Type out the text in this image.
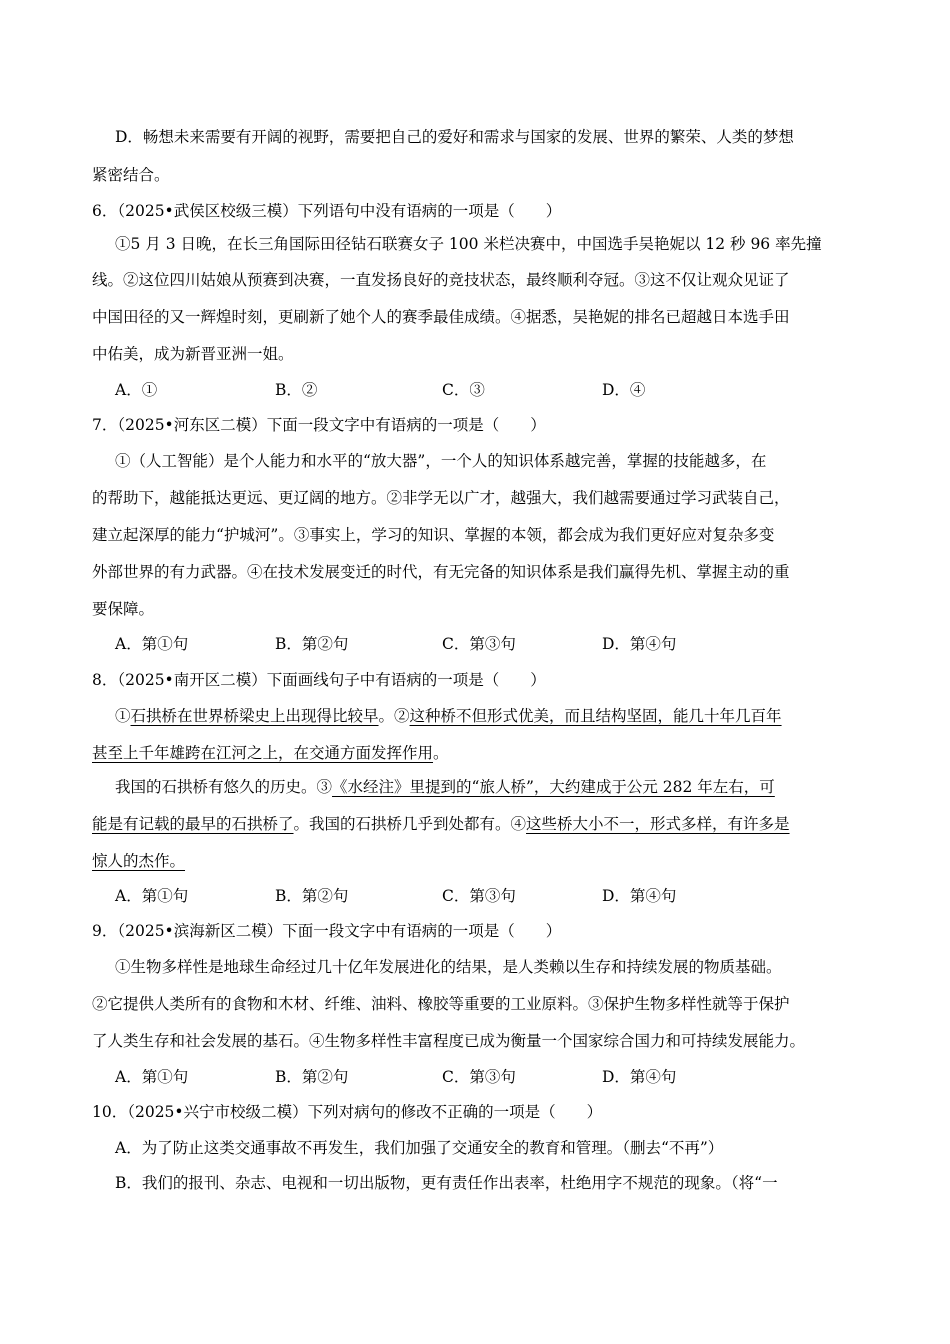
D．畅想未来需要有开阔的视野，需要把自己的爱好和需求与国家的发展、世界的繁荣、人类的梦想
紧密结合。
6．（2025•武侯区校级三模）下列语句中没有语病的一项是（　　）
①5 月 3 日晚，在长三角国际田径钻石联赛女子 100 米栏决赛中，中国选手吴艳妮以 12 秒 96 率先撞
线。②这位四川姑娘从预赛到决赛，一直发扬良好的竞技状态，最终顺利夺冠。③这不仅让观众见证了
中国田径的又一辉煌时刻，更刷新了她个人的赛季最佳成绩。④据悉，吴艳妮的排名已超越日本选手田
中佑美，成为新晋亚洲一姐。
A．①	B．②	C．③	D．④
7．（2025•河东区二模）下面一段文字中有语病的一项是（　　）
①（人工智能）是个人能力和水平的“放大器”，一个人的知识体系越完善，掌握的技能越多，在
的帮助下，越能抵达更远、更辽阔的地方。②非学无以广才，越强大，我们越需要通过学习武装自己，
建立起深厚的能力“护城河”。③事实上，学习的知识、掌握的本领，都会成为我们更好应对复杂多变
外部世界的有力武器。④在技术发展变迁的时代，有无完备的知识体系是我们赢得先机、掌握主动的重
要保障。
A．第①句	B．第②句	C．第③句	D．第④句
8．（2025•南开区二模）下面画线句子中有语病的一项是（　　）
①石拱桥在世界桥梁史上出现得比较早。②这种桥不但形式优美，而且结构坚固，能几十年几百年
甚至上千年雄跨在江河之上，在交通方面发挥作用。
我国的石拱桥有悠久的历史。③《水经注》里提到的“旅人桥”，大约建成于公元 282 年左右，可
能是有记载的最早的石拱桥了。我国的石拱桥几乎到处都有。④这些桥大小不一，形式多样，有许多是
惊人的杰作。
A．第①句	B．第②句	C．第③句	D．第④句
9．（2025•滨海新区二模）下面一段文字中有语病的一项是（　　）
①生物多样性是地球生命经过几十亿年发展进化的结果，是人类赖以生存和持续发展的物质基础。
②它提供人类所有的食物和木材、纤维、油料、橡胶等重要的工业原料。③保护生物多样性就等于保护
了人类生存和社会发展的基石。④生物多样性丰富程度已成为衡量一个国家综合国力和可持续发展能力。
A．第①句	B．第②句	C．第③句	D．第④句
10．（2025•兴宁市校级二模）下列对病句的修改不正确的一项是（　　）
A．为了防止这类交通事故不再发生，我们加强了交通安全的教育和管理。（删去“不再”）
B．我们的报刊、杂志、电视和一切出版物，更有责任作出表率，杜绝用字不规范的现象。（将“一
